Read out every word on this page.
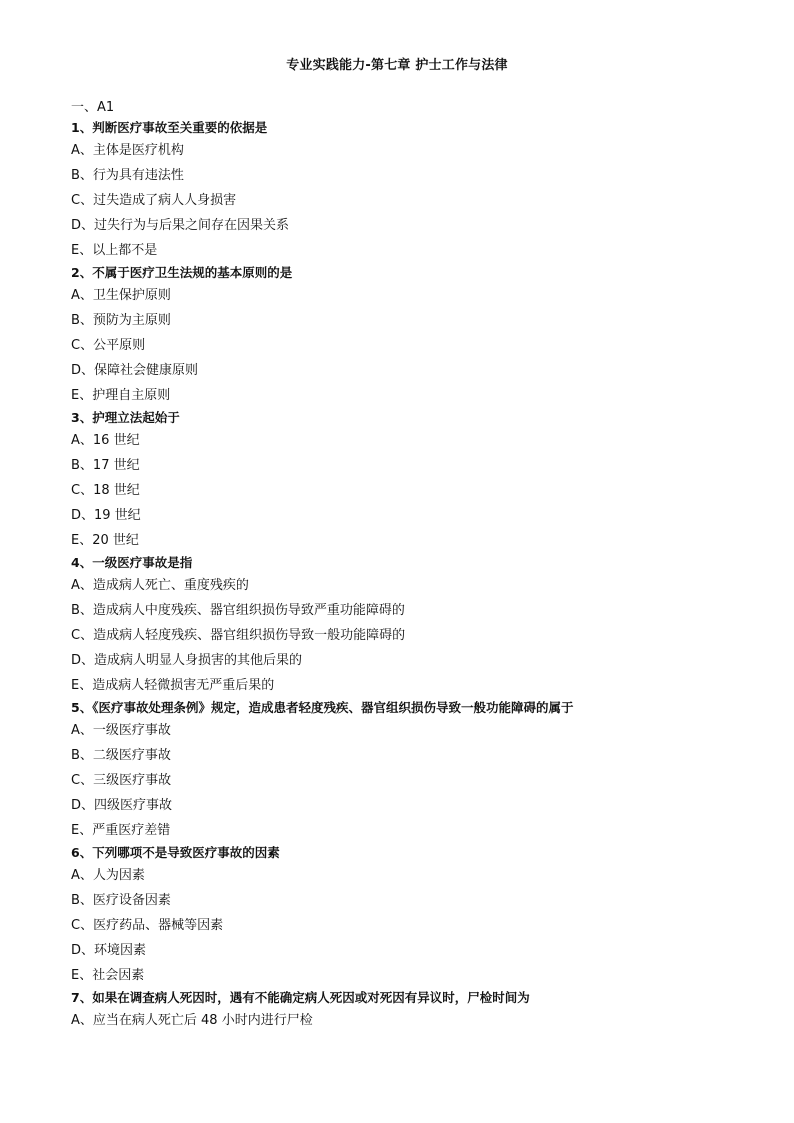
专业实践能力-第七章 护士工作与法律
一、A1
1、判断医疗事故至关重要的依据是
A、主体是医疗机构
B、行为具有违法性
C、过失造成了病人人身损害
D、过失行为与后果之间存在因果关系
E、以上都不是
2、不属于医疗卫生法规的基本原则的是
A、卫生保护原则
B、预防为主原则
C、公平原则
D、保障社会健康原则
E、护理自主原则
3、护理立法起始于
A、16 世纪
B、17 世纪
C、18 世纪
D、19 世纪
E、20 世纪
4、一级医疗事故是指
A、造成病人死亡、重度残疾的
B、造成病人中度残疾、器官组织损伤导致严重功能障碍的
C、造成病人轻度残疾、器官组织损伤导致一般功能障碍的
D、造成病人明显人身损害的其他后果的
E、造成病人轻微损害无严重后果的
5、《医疗事故处理条例》规定，造成患者轻度残疾、器官组织损伤导致一般功能障碍的属于
A、一级医疗事故
B、二级医疗事故
C、三级医疗事故
D、四级医疗事故
E、严重医疗差错
6、下列哪项不是导致医疗事故的因素
A、人为因素
B、医疗设备因素
C、医疗药品、器械等因素
D、环境因素
E、社会因素
7、如果在调查病人死因时，遇有不能确定病人死因或对死因有异议时，尸检时间为
A、应当在病人死亡后 48 小时内进行尸检
